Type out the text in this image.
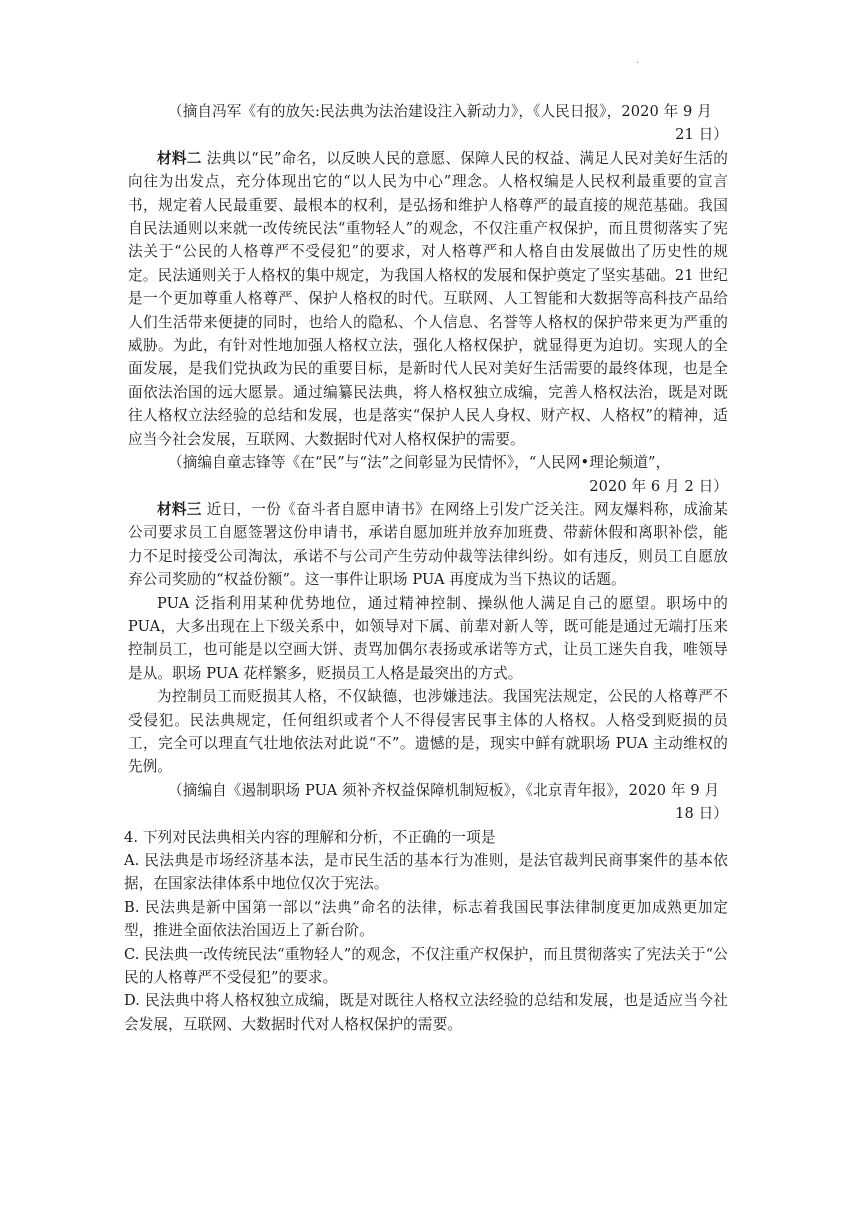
·

（摘自冯军《有的放矢:民法典为法治建设注入新动力》，《人民日报》，2020 年 9 月

21 日）

材料二 法典以“民”命名，以反映人民的意愿、保障人民的权益、满足人民对美好生活的向往为出发点，充分体现出它的“以人民为中心”理念。人格权编是人民权利最重要的宣言书，规定着人民最重要、最根本的权利，是弘扬和维护人格尊严的最直接的规范基础。我国自民法通则以来就一改传统民法“重物轻人”的观念，不仅注重产权保护，而且贯彻落实了宪法关于“公民的人格尊严不受侵犯”的要求，对人格尊严和人格自由发展做出了历史性的规定。民法通则关于人格权的集中规定，为我国人格权的发展和保护奠定了坚实基础。21 世纪是一个更加尊重人格尊严、保护人格权的时代。互联网、人工智能和大数据等高科技产品给人们生活带来便捷的同时，也给人的隐私、个人信息、名誉等人格权的保护带来更为严重的威胁。为此，有针对性地加强人格权立法，强化人格权保护，就显得更为迫切。实现人的全面发展，是我们党执政为民的重要目标，是新时代人民对美好生活需要的最终体现，也是全面依法治国的远大愿景。通过编纂民法典，将人格权独立成编，完善人格权法治，既是对既往人格权立法经验的总结和发展，也是落实“保护人民人身权、财产权、人格权”的精神，适应当今社会发展，互联网、大数据时代对人格权保护的需要。

（摘编自童志锋等《在“民”与“法”之间彰显为民情怀》，“人民网•理论频道”，

2020 年 6 月 2 日）

材料三 近日，一份《奋斗者自愿申请书》在网络上引发广泛关注。网友爆料称，成渝某公司要求员工自愿签署这份申请书，承诺自愿加班并放弃加班费、带薪休假和离职补偿，能力不足时接受公司淘汰，承诺不与公司产生劳动仲裁等法律纠纷。如有违反，则员工自愿放弃公司奖励的“权益份额”。这一事件让职场 PUA 再度成为当下热议的话题。

PUA 泛指利用某种优势地位，通过精神控制、操纵他人满足自己的愿望。职场中的 PUA，大多出现在上下级关系中，如领导对下属、前辈对新人等，既可能是通过无端打压来控制员工，也可能是以空画大饼、责骂加偶尔表扬或承诺等方式，让员工迷失自我，唯领导是从。职场 PUA 花样繁多，贬损员工人格是最突出的方式。

为控制员工而贬损其人格，不仅缺德，也涉嫌违法。我国宪法规定，公民的人格尊严不受侵犯。民法典规定，任何组织或者个人不得侵害民事主体的人格权。人格受到贬损的员工，完全可以理直气壮地依法对此说“不”。遗憾的是，现实中鲜有就职场 PUA 主动维权的先例。

（摘编自《遏制职场 PUA 须补齐权益保障机制短板》，《北京青年报》，2020 年 9 月

18 日）

4. 下列对民法典相关内容的理解和分析，不正确的一项是

A. 民法典是市场经济基本法，是市民生活的基本行为准则，是法官裁判民商事案件的基本依据，在国家法律体系中地位仅次于宪法。

B. 民法典是新中国第一部以“法典”命名的法律，标志着我国民事法律制度更加成熟更加定型，推进全面依法治国迈上了新台阶。

C. 民法典一改传统民法“重物轻人”的观念，不仅注重产权保护，而且贯彻落实了宪法关于“公民的人格尊严不受侵犯”的要求。

D. 民法典中将人格权独立成编，既是对既往人格权立法经验的总结和发展，也是适应当今社会发展，互联网、大数据时代对人格权保护的需要。
